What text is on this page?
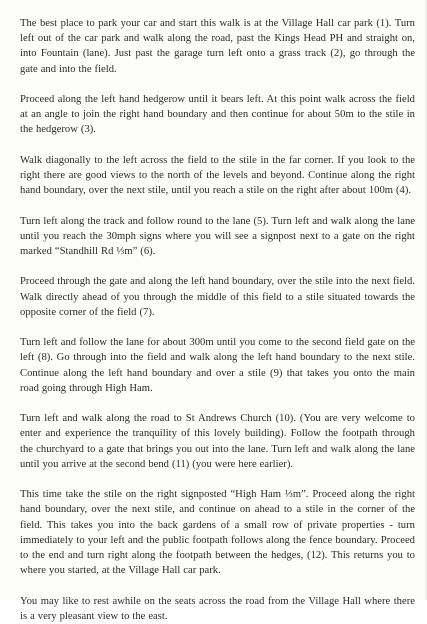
The best place to park your car and start this walk is at the Village Hall car park (1). Turn left out of the car park and walk along the road, past the Kings Head PH and straight on, into Fountain (lane). Just past the garage turn left onto a grass track (2), go through the gate and into the field.

Proceed along the left hand hedgerow until it bears left. At this point walk across the field at an angle to join the right hand boundary and then continue for about 50m to the stile in the hedgerow (3).

Walk diagonally to the left across the field to the stile in the far corner. If you look to the right there are good views to the north of the levels and beyond. Continue along the right hand boundary, over the next stile, until you reach a stile on the right after about 100m (4).

Turn left along the track and follow round to the lane (5). Turn left and walk along the lane until you reach the 30mph signs where you will see a signpost next to a gate on the right marked “Standhill Rd ⅓m” (6).

Proceed through the gate and along the left hand boundary, over the stile into the next field. Walk directly ahead of you through the middle of this field to a stile situated towards the opposite corner of the field (7).

Turn left and follow the lane for about 300m until you come to the second field gate on the left (8). Go through into the field and walk along the left hand boundary to the next stile. Continue along the left hand boundary and over a stile (9) that takes you onto the main road going through High Ham.

Turn left and walk along the road to St Andrews Church (10). (You are very welcome to enter and experience the tranquility of this lovely building). Follow the footpath through the churchyard to a gate that brings you out into the lane. Turn left and walk along the lane until you arrive at the second bend (11) (you were here earlier).

This time take the stile on the right signposted “High Ham ⅓m”. Proceed along the right hand boundary, over the next stile, and continue on ahead to a stile in the corner of the field. This takes you into the back gardens of a small row of private properties - turn immediately to your left and the public footpath follows along the fence boundary. Proceed to the end and turn right along the footpath between the hedges, (12). This returns you to where you started, at the Village Hall car park.

You may like to rest awhile on the seats across the road from the Village Hall where there is a very pleasant view to the east.
